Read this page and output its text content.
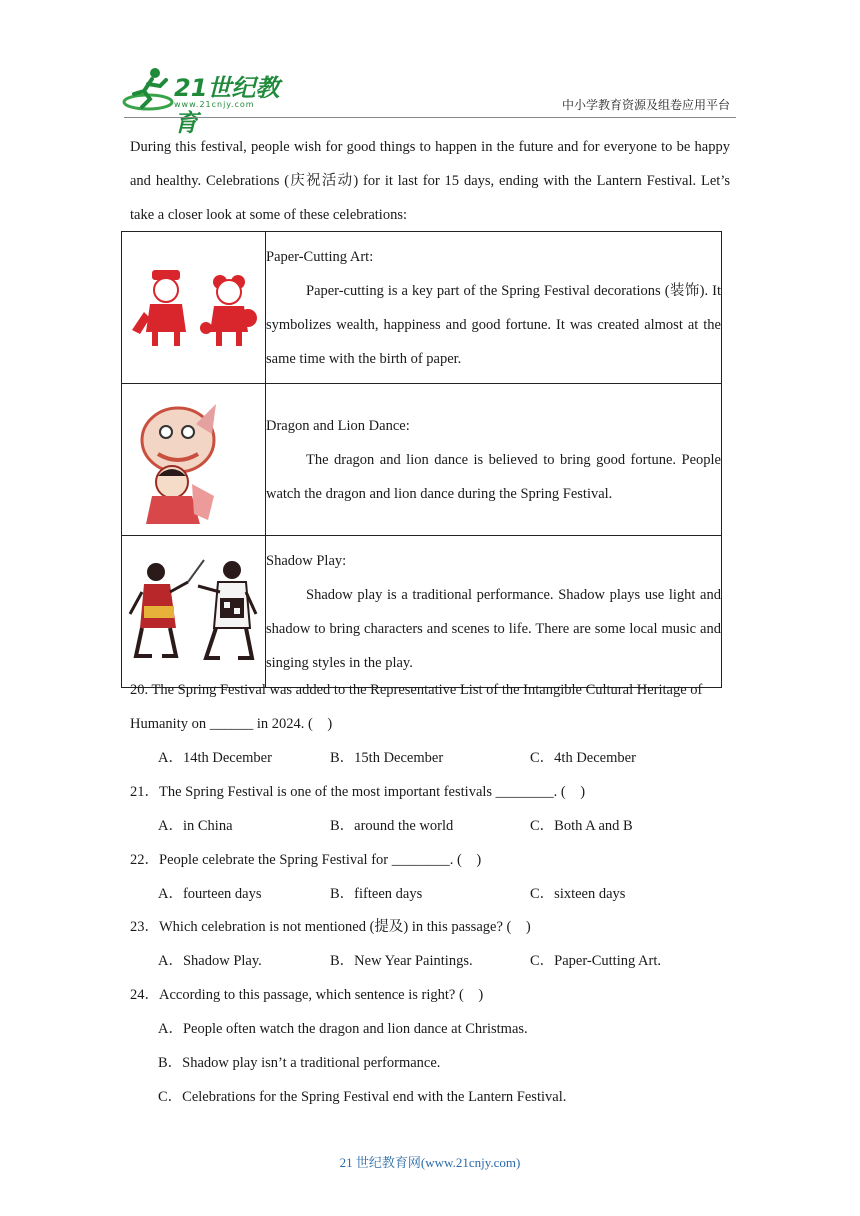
21世纪教育
www.21cnjy.com	中小学教育资源及组卷应用平台
During this festival, people wish for good things to happen in the future and for everyone to be happy and healthy. Celebrations (庆祝活动) for it last for 15 days, ending with the Lantern Festival. Let’s take a closer look at some of these celebrations:

Paper-Cutting Art:
Paper-cutting is a key part of the Spring Festival decorations (装饰). It symbolizes wealth, happiness and good fortune. It was created almost at the same time with the birth of paper.

Dragon and Lion Dance:
The dragon and lion dance is believed to bring good fortune. People watch the dragon and lion dance during the Spring Festival.

Shadow Play:
Shadow play is a traditional performance. Shadow plays use light and shadow to bring characters and scenes to life. There are some local music and singing styles in the play.
20. The Spring Festival was added to the Representative List of the Intangible Cultural Heritage of Humanity on ______ in 2024. (    )
A．14th December	B．15th December	C．4th December
21．The Spring Festival is one of the most important festivals ________. (    )
A．in China	B．around the world	C．Both A and B
22．People celebrate the Spring Festival for ________. (    )
A．fourteen days	B．fifteen days	C．sixteen days
23．Which celebration is not mentioned (提及) in this passage? (    )
A．Shadow Play.	B．New Year Paintings.	C．Paper-Cutting Art.
24．According to this passage, which sentence is right? (    )
A．People often watch the dragon and lion dance at Christmas.
B．Shadow play isn’t a traditional performance.
C．Celebrations for the Spring Festival end with the Lantern Festival.
21 世纪教育网(www.21cnjy.com)
